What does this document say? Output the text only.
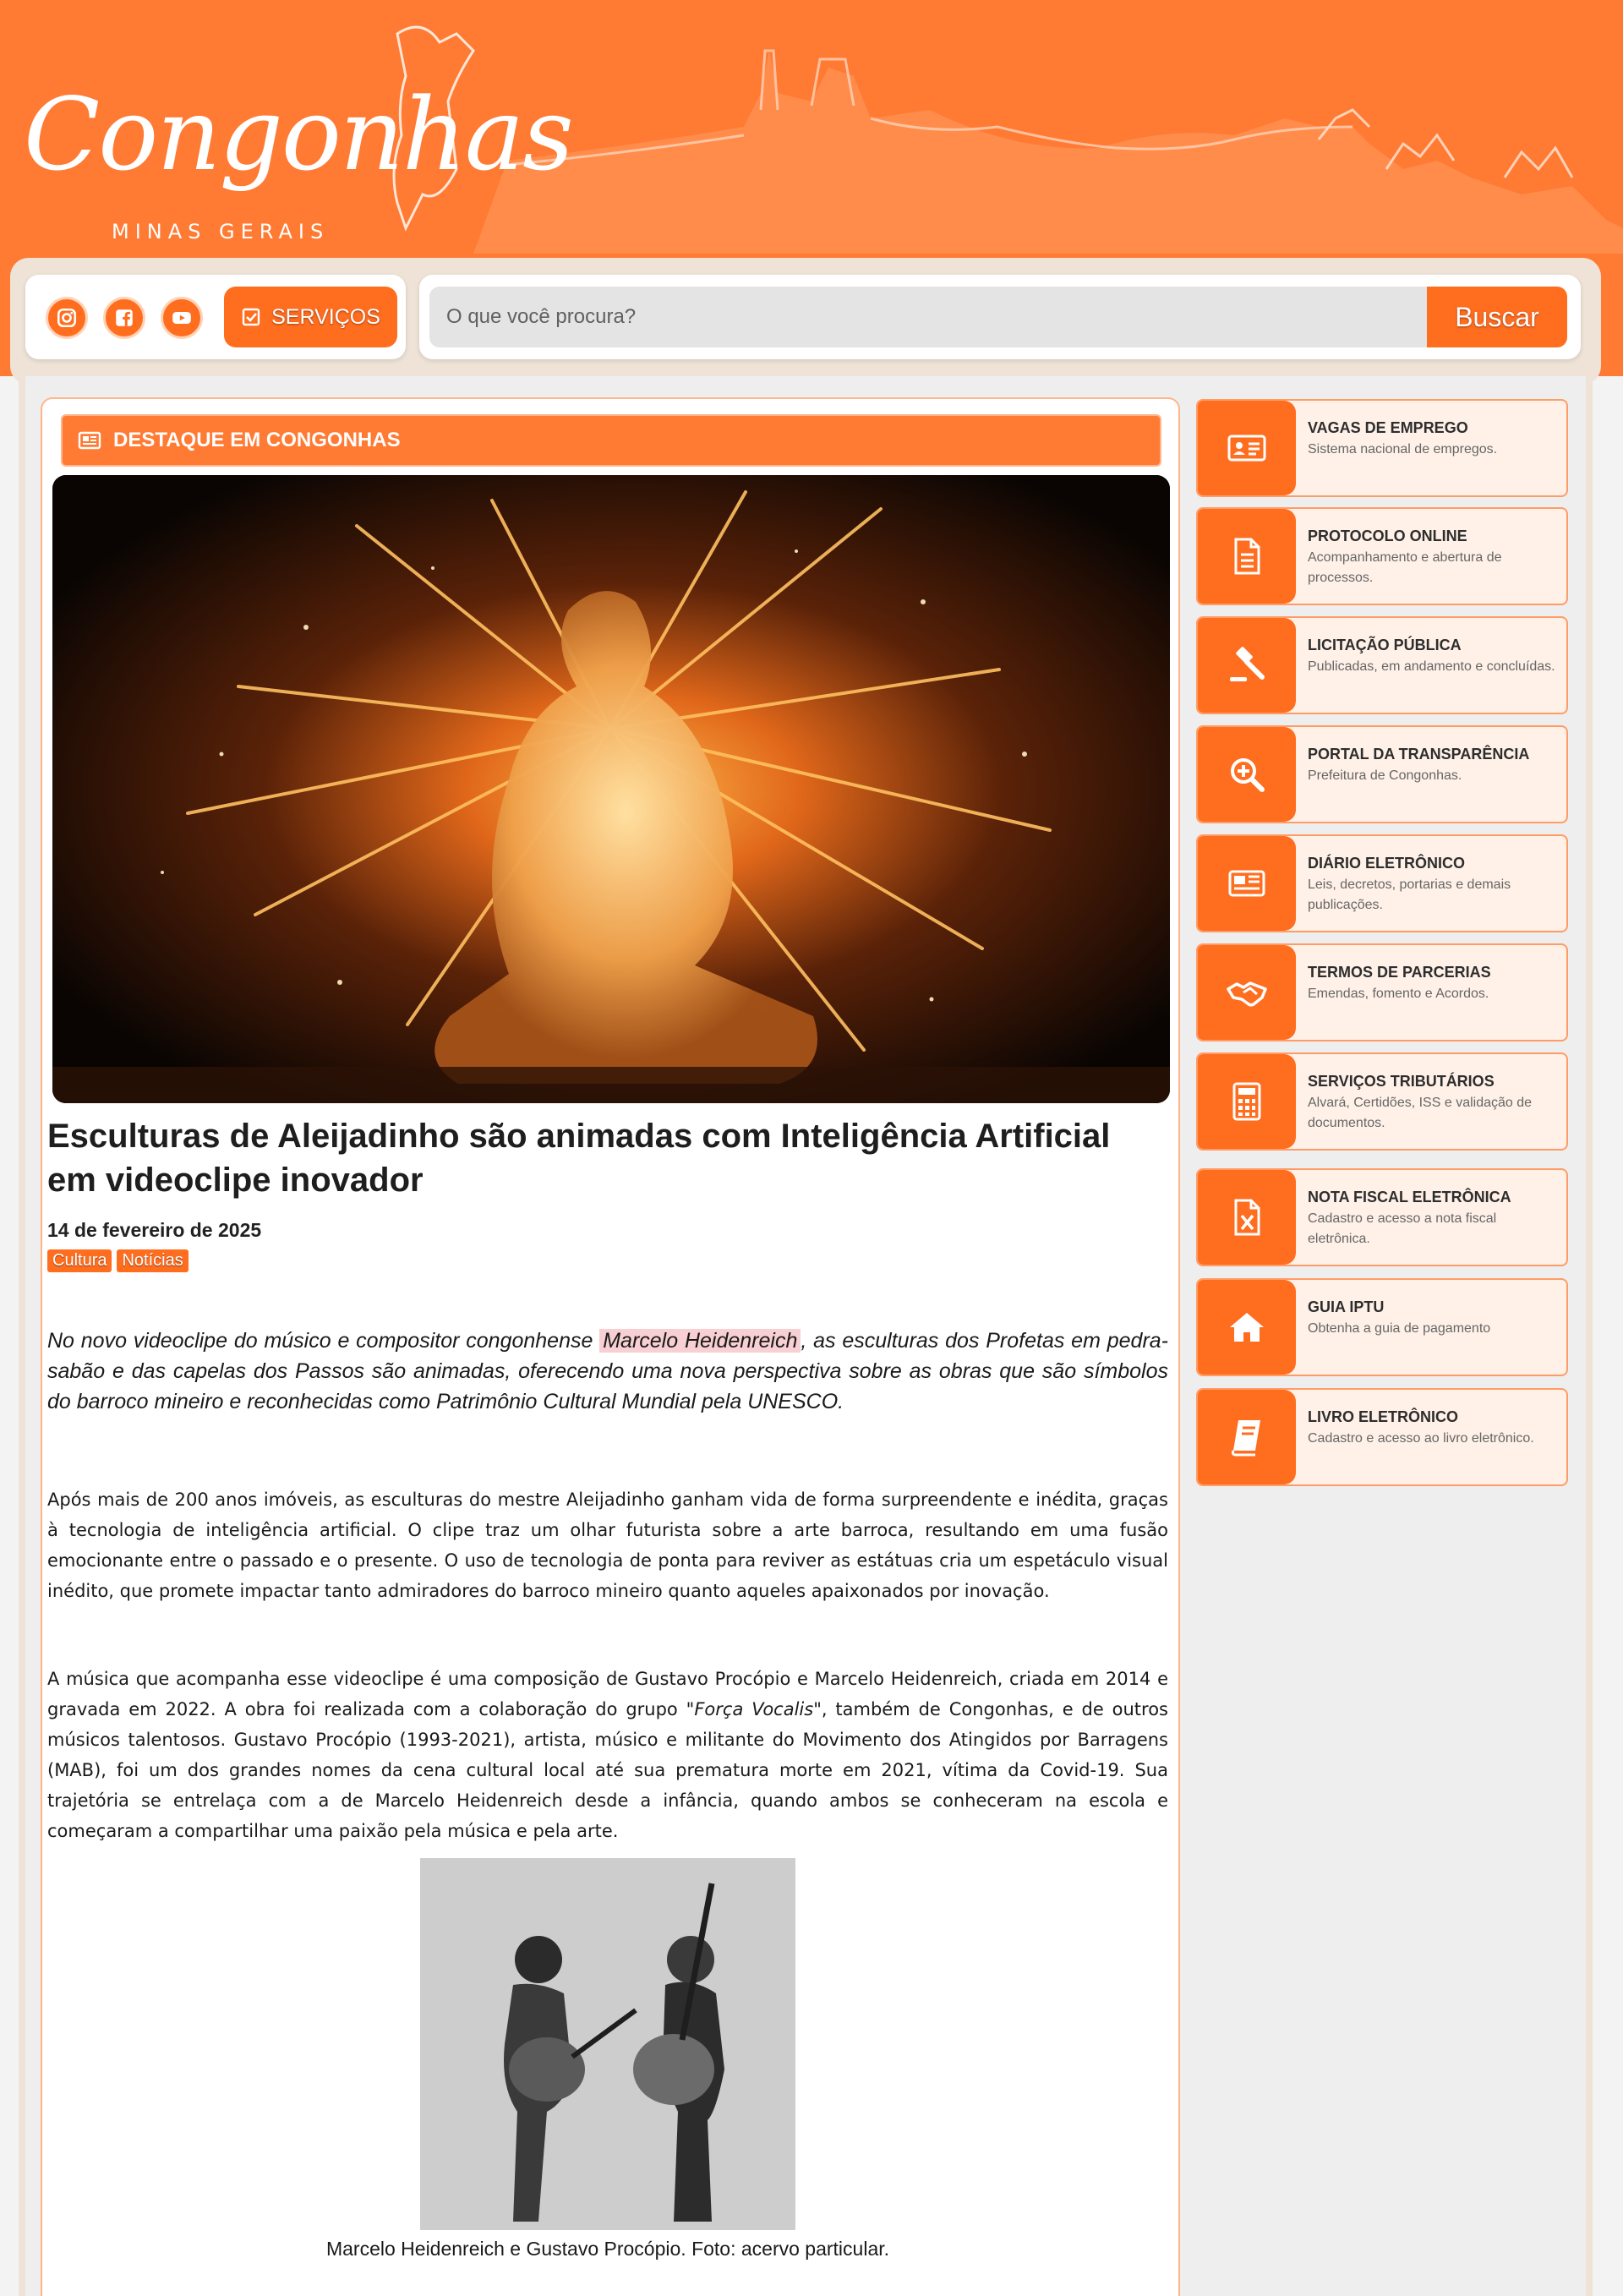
Congonhas
MINAS GERAIS
SERVIÇOS
O que você procura?	Buscar
DESTAQUE EM CONGONHAS
Esculturas de Aleijadinho são animadas com Inteligência Artificial em videoclipe inovador
14 de fevereiro de 2025
Cultura Notícias

No novo videoclipe do músico e compositor congonhense Marcelo Heidenreich , as esculturas dos Profetas em pedra-sabão e das capelas dos Passos são animadas, oferecendo uma nova perspectiva sobre as obras que são símbolos do barroco mineiro e reconhecidas como Patrimônio Cultural Mundial pela UNESCO.

Após mais de 200 anos imóveis, as esculturas do mestre Aleijadinho ganham vida de forma surpreendente e inédita, graças à tecnologia de inteligência artificial. O clipe traz um olhar futurista sobre a arte barroca, resultando em uma fusão emocionante entre o passado e o presente. O uso de tecnologia de ponta para reviver as estátuas cria um espetáculo visual inédito, que promete impactar tanto admiradores do barroco mineiro quanto aqueles apaixonados por inovação.

A música que acompanha esse videoclipe é uma composição de Gustavo Procópio e Marcelo Heidenreich, criada em 2014 e gravada em 2022. A obra foi realizada com a colaboração do grupo "Força Vocalis", também de Congonhas, e de outros músicos talentosos. Gustavo Procópio (1993-2021), artista, músico e militante do Movimento dos Atingidos por Barragens (MAB), foi um dos grandes nomes da cena cultural local até sua prematura morte em 2021, vítima da Covid-19. Sua trajetória se entrelaça com a de Marcelo Heidenreich desde a infância, quando ambos se conheceram na escola e começaram a compartilhar uma paixão pela música e pela arte.

Marcelo Heidenreich e Gustavo Procópio. Foto: acervo particular.
VAGAS DE EMPREGO
Sistema nacional de empregos.
PROTOCOLO ONLINE
Acompanhamento e abertura de processos.
LICITAÇÃO PÚBLICA
Publicadas, em andamento e concluídas.
PORTAL DA TRANSPARÊNCIA
Prefeitura de Congonhas.
DIÁRIO ELETRÔNICO
Leis, decretos, portarias e demais publicações.
TERMOS DE PARCERIAS
Emendas, fomento e Acordos.
SERVIÇOS TRIBUTÁRIOS
Alvará, Certidões, ISS e validação de documentos.
NOTA FISCAL ELETRÔNICA
Cadastro e acesso a nota fiscal eletrônica.
GUIA IPTU
Obtenha a guia de pagamento
LIVRO ELETRÔNICO
Cadastro e acesso ao livro eletrônico.
